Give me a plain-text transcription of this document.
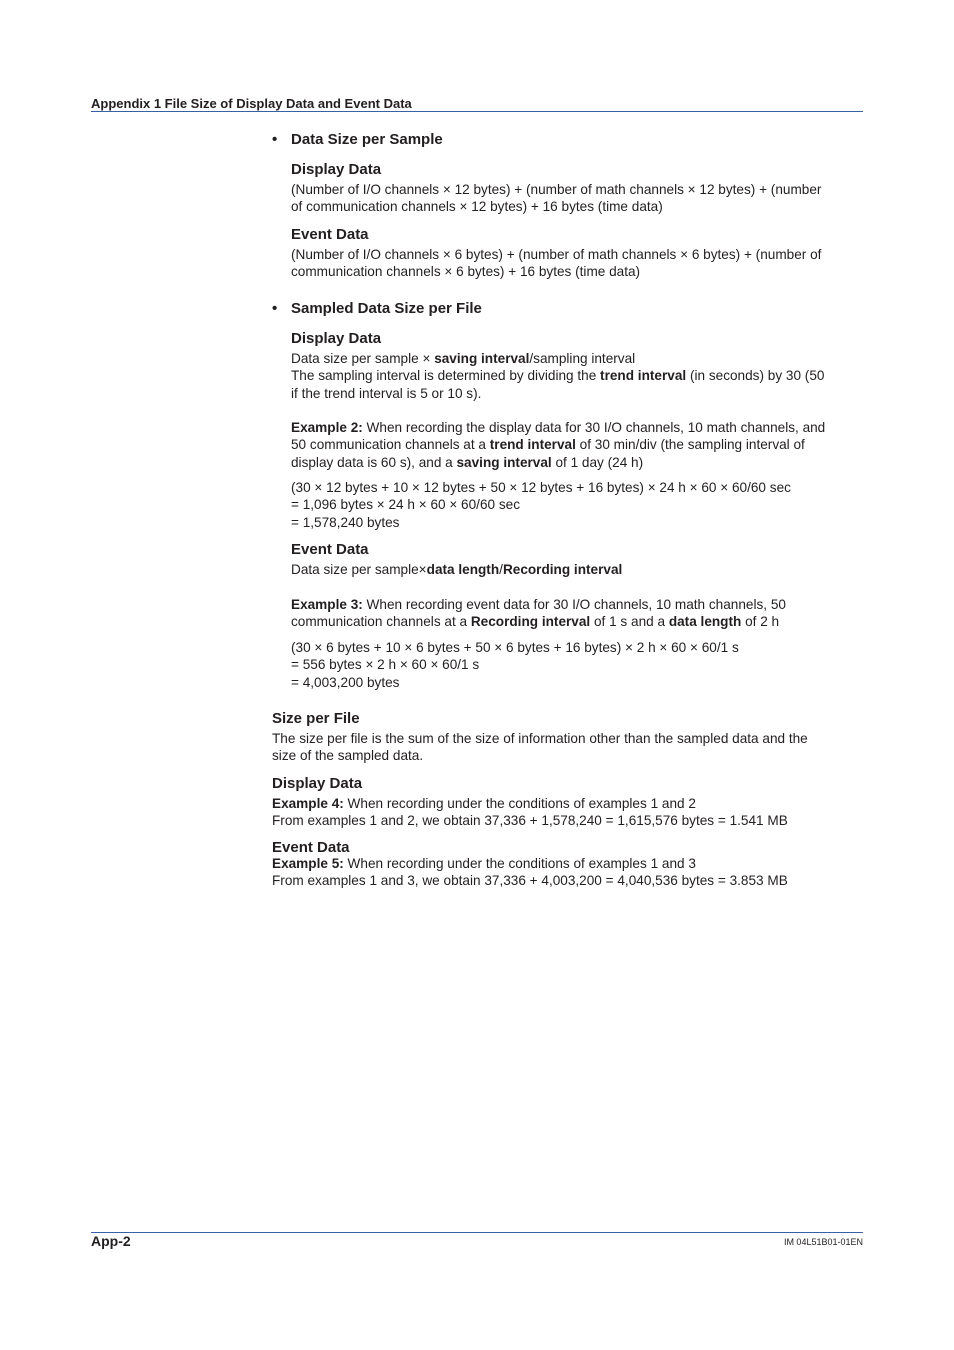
Appendix 1 File Size of Display Data and Event Data
• Data Size per Sample
Display Data
(Number of I/O channels × 12 bytes) + (number of math channels × 12 bytes) + (number
of communication channels × 12 bytes) + 16 bytes (time data)
Event Data
(Number of I/O channels × 6 bytes) + (number of math channels × 6 bytes) + (number of
communication channels × 6 bytes) + 16 bytes (time data)
• Sampled Data Size per File
Display Data
Data size per sample × saving interval/sampling interval
The sampling interval is determined by dividing the trend interval (in seconds) by 30 (50
if the trend interval is 5 or 10 s).
Example 2: When recording the display data for 30 I/O channels, 10 math channels, and
50 communication channels at a trend interval of 30 min/div (the sampling interval of
display data is 60 s), and a saving interval of 1 day (24 h)
(30 × 12 bytes + 10 × 12 bytes + 50 × 12 bytes + 16 bytes) × 24 h × 60 × 60/60 sec
= 1,096 bytes × 24 h × 60 × 60/60 sec
= 1,578,240 bytes
Event Data
Data size per sample×data length/Recording interval
Example 3: When recording event data for 30 I/O channels, 10 math channels, 50
communication channels at a Recording interval of 1 s and a data length of 2 h
(30 × 6 bytes + 10 × 6 bytes + 50 × 6 bytes + 16 bytes) × 2 h × 60 × 60/1 s
= 556 bytes × 2 h × 60 × 60/1 s
= 4,003,200 bytes
Size per File
The size per file is the sum of the size of information other than the sampled data and the
size of the sampled data.
Display Data
Example 4: When recording under the conditions of examples 1 and 2
From examples 1 and 2, we obtain 37,336 + 1,578,240 = 1,615,576 bytes = 1.541 MB
Event Data
Example 5: When recording under the conditions of examples 1 and 3
From examples 1 and 3, we obtain 37,336 + 4,003,200 = 4,040,536 bytes = 3.853 MB
App-2	IM 04L51B01-01EN
